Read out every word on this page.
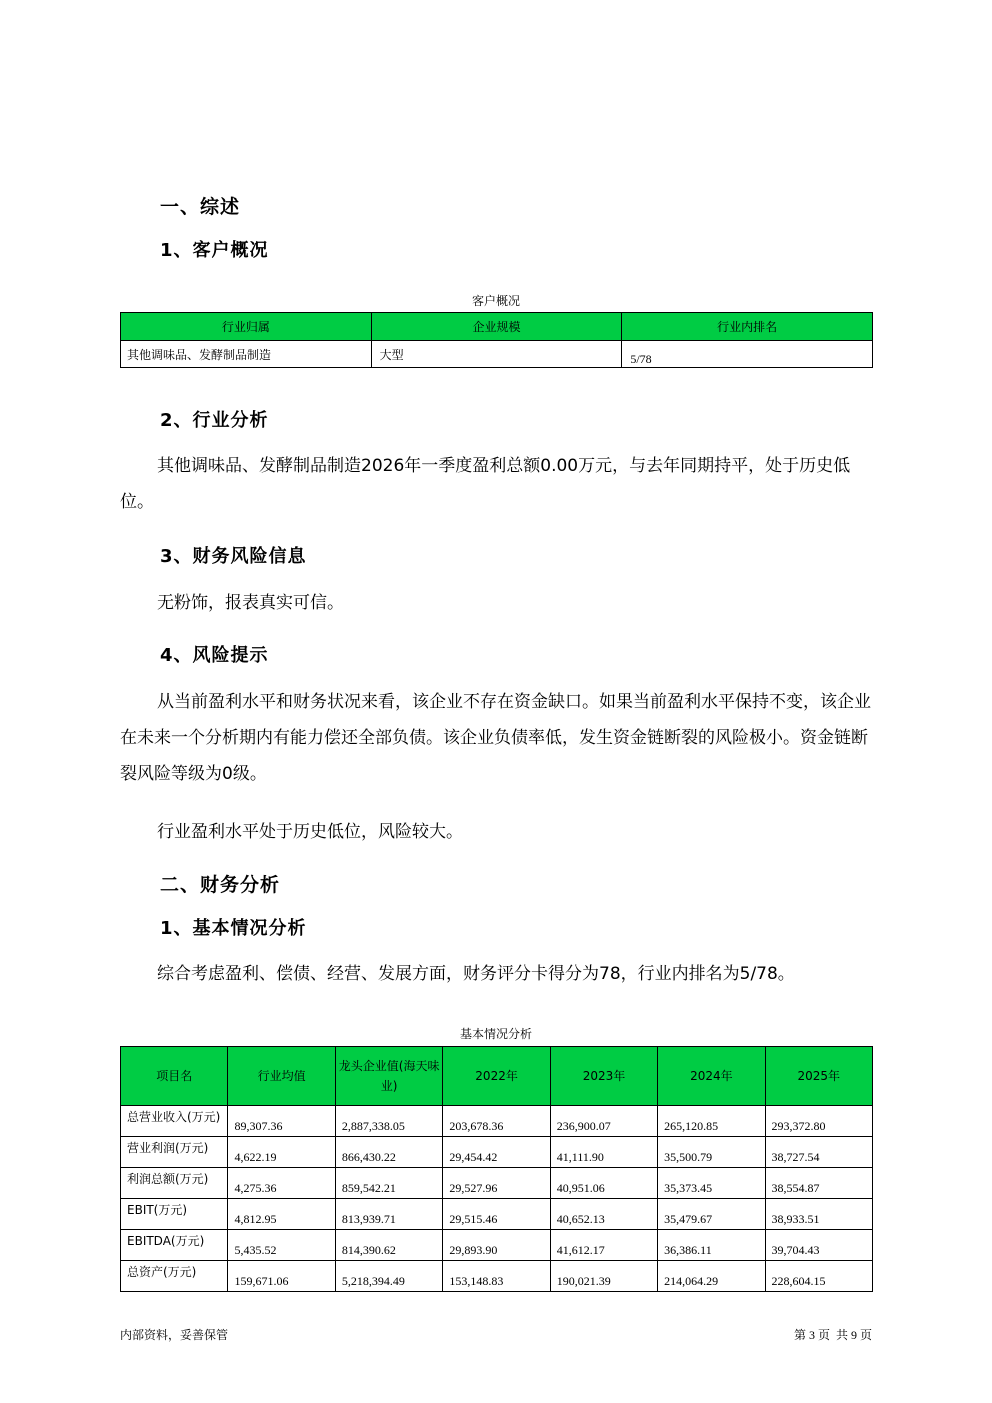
一、综述
1、客户概况
客户概况
行业归属	企业规模	行业内排名
其他调味品、发酵制品制造	大型	5/78
2、行业分析
其他调味品、发酵制品制造2026年一季度盈利总额0.00万元，与去年同期持平，处于历史低位。
3、财务风险信息
无粉饰，报表真实可信。
4、风险提示
从当前盈利水平和财务状况来看，该企业不存在资金缺口。如果当前盈利水平保持不变，该企业在未来一个分析期内有能力偿还全部负债。该企业负债率低，发生资金链断裂的风险极小。资金链断裂风险等级为0级。
行业盈利水平处于历史低位，风险较大。
二、财务分析
1、基本情况分析
综合考虑盈利、偿债、经营、发展方面，财务评分卡得分为78，行业内排名为5/78。
基本情况分析
项目名	行业均值	龙头企业值(海天味业)	2022年	2023年	2024年	2025年
总营业收入(万元)	89,307.36	2,887,338.05	203,678.36	236,900.07	265,120.85	293,372.80
营业利润(万元)	4,622.19	866,430.22	29,454.42	41,111.90	35,500.79	38,727.54
利润总额(万元)	4,275.36	859,542.21	29,527.96	40,951.06	35,373.45	38,554.87
EBIT(万元)	4,812.95	813,939.71	29,515.46	40,652.13	35,479.67	38,933.51
EBITDA(万元)	5,435.52	814,390.62	29,893.90	41,612.17	36,386.11	39,704.43
总资产(万元)	159,671.06	5,218,394.49	153,148.83	190,021.39	214,064.29	228,604.15
内部资料，妥善保管	第 3 页  共 9 页
